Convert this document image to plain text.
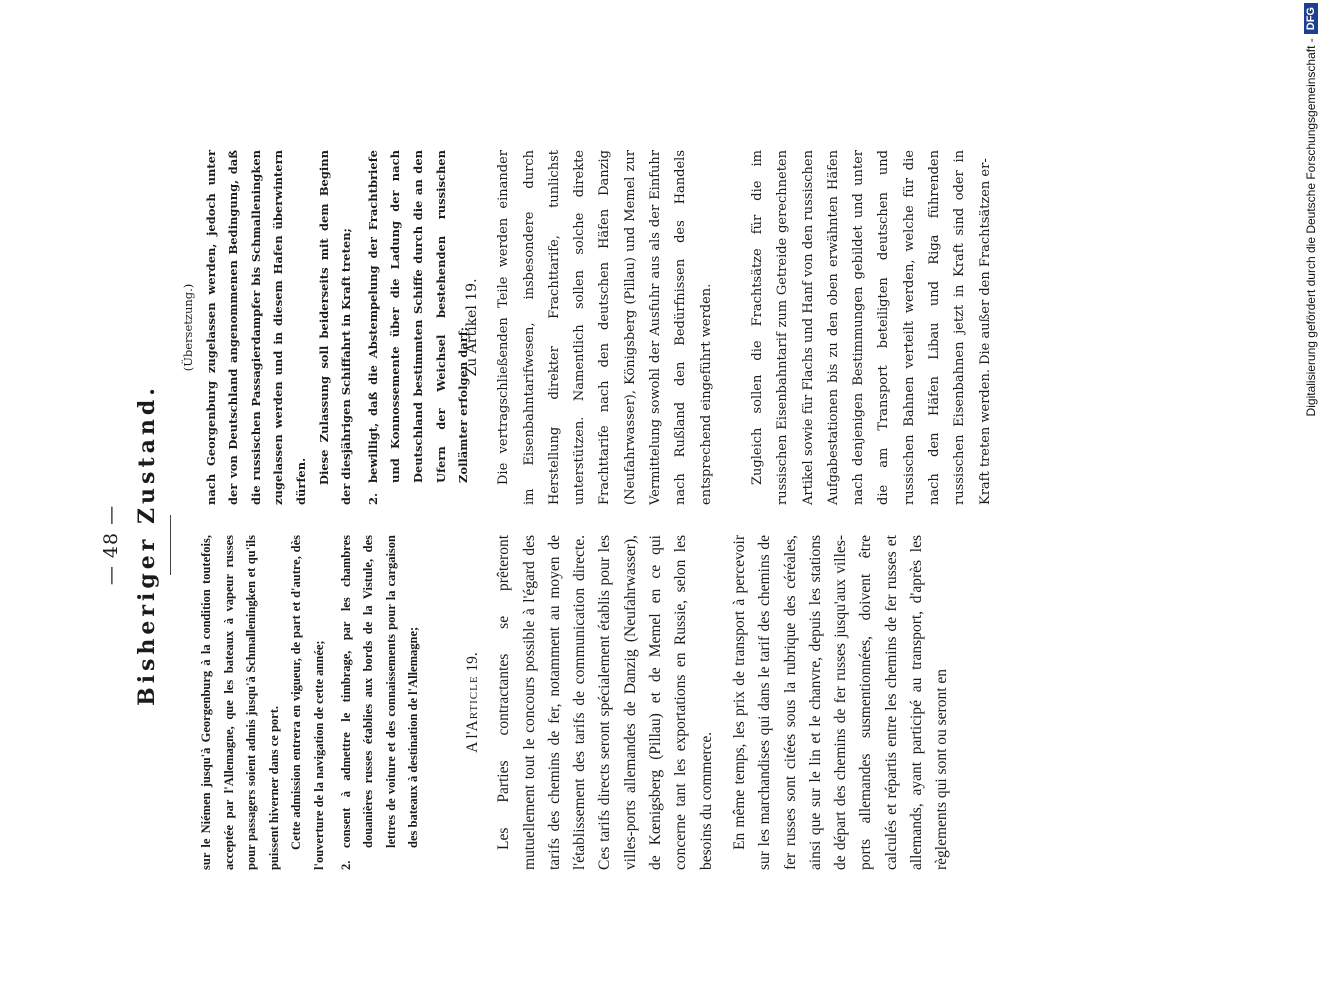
— 48 — Bisheriger Zustand.	sur le Niémen jusqu'à Georgenburg à la condition toutefois, acceptée par l'Allemagne, que les bateaux à vapeur russes pour passagers soient admis jusqu'à Schmalleningken et qu'ils puissent hiverner dans ce port. Cette admission entrera en vigueur, de part et d'autre, dès l'ouverture de la navigation de cette année;	2.

consent à admettre le timbrage, par les chambres douanières russes établies aux bords de la Vistule, des lettres de voiture et des connaissements pour la cargaison des bateaux à destination de l'Allemagne;

(Übersetzung.) nach Georgenburg zugelassen werden, jedoch unter der von Deutschland angenommenen Bedingung, daß die russischen Passagierdampfer bis Schmalleningken zugelassen werden und in diesem Hafen überwintern dürfen. Diese Zulassung soll beiderseits mit dem Beginn der diesjährigen Schiffahrt in Kraft treten;	2.

bewilligt, daß die Abstempelung der Frachtbriefe und Konnossemente über die Ladung der nach Deutschland bestimmten Schiffe durch die an den Ufern der Weichsel bestehenden russischen Zollämter erfolgen darf;

A l'Article 19. Les Parties contractantes se prêteront mutuellement tout le concours possible à l'égard des tarifs des chemins de fer, notamment au moyen de l'établissement des tarifs de communication directe. Ces tarifs directs seront spécialement établis pour les villes-ports allemandes de Danzig (Neufahrwasser), de Kœnigsberg (Pillau) et de Memel en ce qui concerne tant les exportations en Russie, selon les besoins du commerce. En même temps, les prix de transport à percevoir sur les marchandises qui dans le tarif des chemins de fer russes sont citées sous la rubrique des céréales, ainsi que sur le lin et le chanvre, depuis les stations de départ des chemins de fer russes jusqu'aux villes-ports allemandes susmentionnées, doivent être calculés et répartis entre les chemins de fer russes et allemands, ayant participé au transport, d'après les règlements qui sont ou seront en

Zu Artikel 19.	Die vertragschließenden Teile werden einander im Eisenbahntarifwesen, insbesondere durch Herstellung direkter Frachttarife, tunlichst unterstützen. Namentlich sollen solche direkte Frachttarife nach den deutschen Häfen Danzig (Neufahrwasser), Königsberg (Pillau) und Memel zur Vermittelung sowohl der Ausfuhr aus als der Einfuhr nach Rußland den Bedürfnissen des Handels entsprechend eingeführt werden.	Zugleich sollen die Frachtsätze für die im russischen Eisenbahntarif zum Getreide gerechneten Artikel sowie für Flachs und Hanf von den russischen Aufgabestationen bis zu den oben erwähnten Häfen nach denjenigen Bestimmungen gebildet und unter die am Transport beteiligten deutschen und russischen Bahnen verteilt werden, welche für die nach den Häfen Libau und Riga führenden russischen Eisenbahnen jetzt in Kraft sind oder in Kraft treten werden. Die außer den Frachtsätzen er-	Digitalisierung gefördert durch die Deutsche Forschungsgemeinschaft -
DFG
